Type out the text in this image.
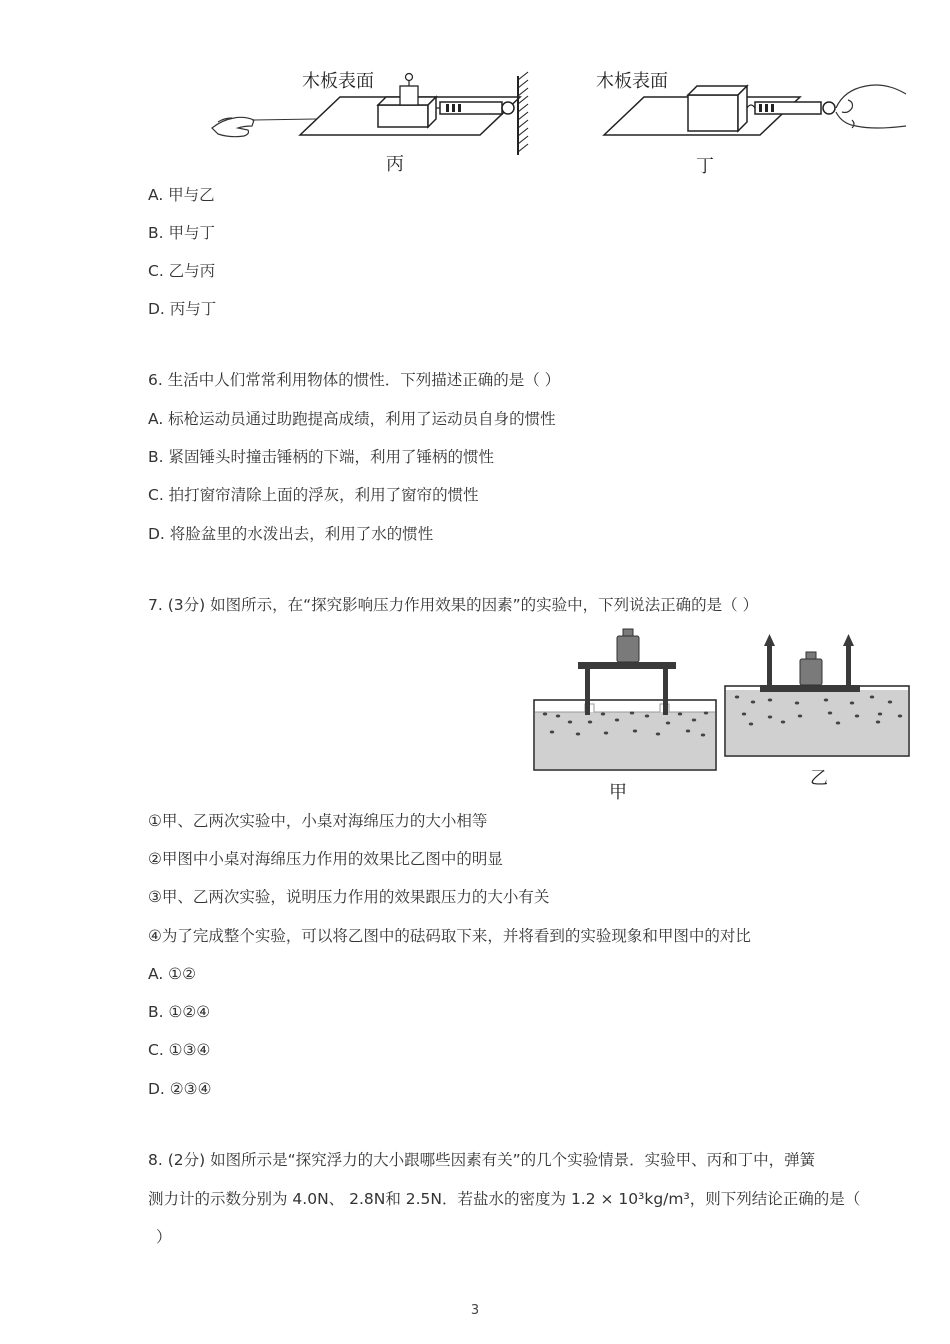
木板表面	木板表面
丙	丁
A. 甲与乙
B. 甲与丁
C. 乙与丙
D. 丙与丁
6. 生活中人们常常利用物体的惯性．下列描述正确的是（ ）
A. 标枪运动员通过助跑提高成绩，利用了运动员自身的惯性
B. 紧固锤头时撞击锤柄的下端，利用了锤柄的惯性
C. 拍打窗帘清除上面的浮灰，利用了窗帘的惯性
D. 将脸盆里的水泼出去，利用了水的惯性
7. (3分) 如图所示，在“探究影响压力作用效果的因素”的实验中，下列说法正确的是（ ）
甲
乙
①甲、乙两次实验中，小桌对海绵压力的大小相等
②甲图中小桌对海绵压力作用的效果比乙图中的明显
③甲、乙两次实验，说明压力作用的效果跟压力的大小有关
④为了完成整个实验，可以将乙图中的砝码取下来，并将看到的实验现象和甲图中的对比
A. ①②
B. ①②④
C. ①③④
D. ②③④
8. (2分) 如图所示是“探究浮力的大小跟哪些因素有关”的几个实验情景．实验甲、丙和丁中，弹簧
测力计的示数分别为 4.0N、 2.8N和 2.5N．若盐水的密度为 1.2 × 10³kg/m³，则下列结论正确的是（
）
3
